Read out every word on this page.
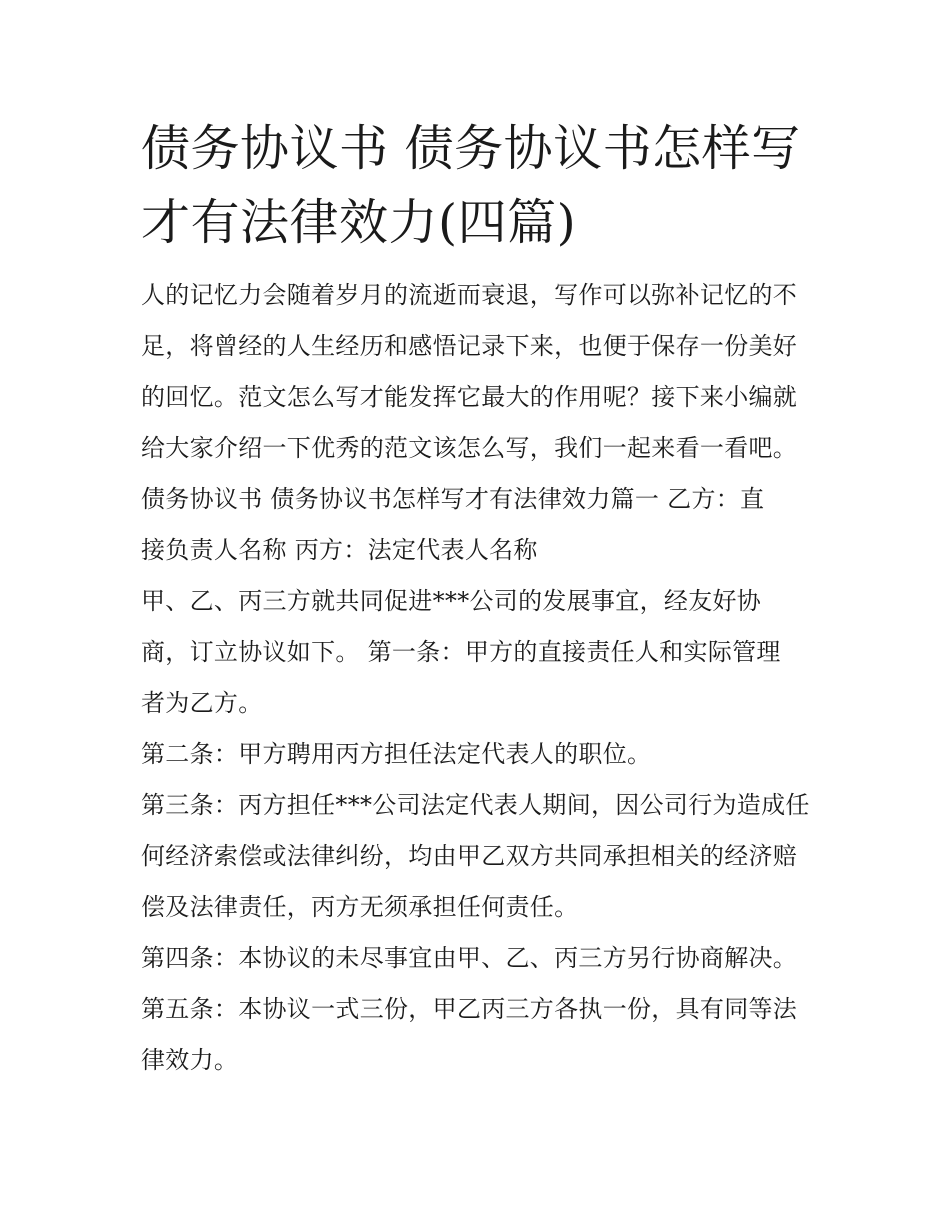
债务协议书 债务协议书怎样写才有法律效力(四篇)

人的记忆力会随着岁月的流逝而衰退，写作可以弥补记忆的不足，将曾经的人生经历和感悟记录下来，也便于保存一份美好的回忆。范文怎么写才能发挥它最大的作用呢？接下来小编就给大家介绍一下优秀的范文该怎么写，我们一起来看一看吧。

债务协议书 债务协议书怎样写才有法律效力篇一 乙方：直接负责人名称 丙方：法定代表人名称

甲、乙、丙三方就共同促进***公司的发展事宜，经友好协商，订立协议如下。 第一条：甲方的直接责任人和实际管理者为乙方。

第二条：甲方聘用丙方担任法定代表人的职位。

第三条：丙方担任***公司法定代表人期间，因公司行为造成任何经济索偿或法律纠纷，均由甲乙双方共同承担相关的经济赔偿及法律责任，丙方无须承担任何责任。

第四条：本协议的未尽事宜由甲、乙、丙三方另行协商解决。

第五条：本协议一式三份，甲乙丙三方各执一份，具有同等法律效力。
